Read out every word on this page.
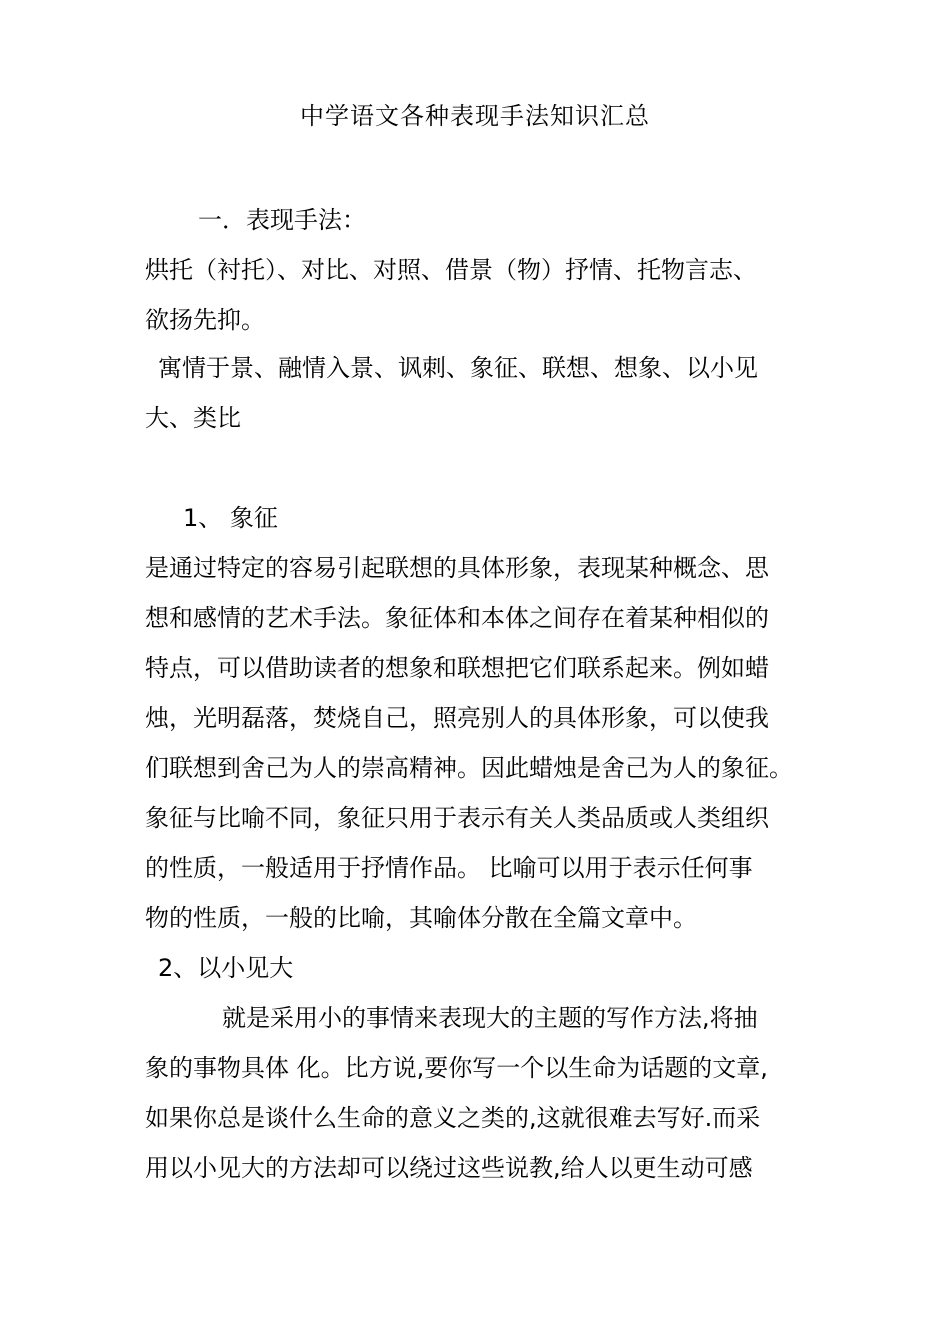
中学语文各种表现手法知识汇总
一．表现手法：
烘托（衬托）、对比、对照、借景（物）抒情、托物言志、
欲扬先抑。
寓情于景、融情入景、讽刺、象征、联想、想象、以小见
大、类比
1、 象征
是通过特定的容易引起联想的具体形象，表现某种概念、思
想和感情的艺术手法。象征体和本体之间存在着某种相似的
特点，可以借助读者的想象和联想把它们联系起来。例如蜡
烛，光明磊落，焚烧自己，照亮别人的具体形象，可以使我
们联想到舍己为人的崇高精神。因此蜡烛是舍己为人的象征。
象征与比喻不同，象征只用于表示有关人类品质或人类组织
的性质，一般适用于抒情作品。 比喻可以用于表示任何事
物的性质，一般的比喻，其喻体分散在全篇文章中。
2、以小见大
就是采用小的事情来表现大的主题的写作方法,将抽
象的事物具体 化。比方说,要你写一个以生命为话题的文章,
如果你总是谈什么生命的意义之类的,这就很难去写好.而采
用以小见大的方法却可以绕过这些说教,给人以更生动可感
